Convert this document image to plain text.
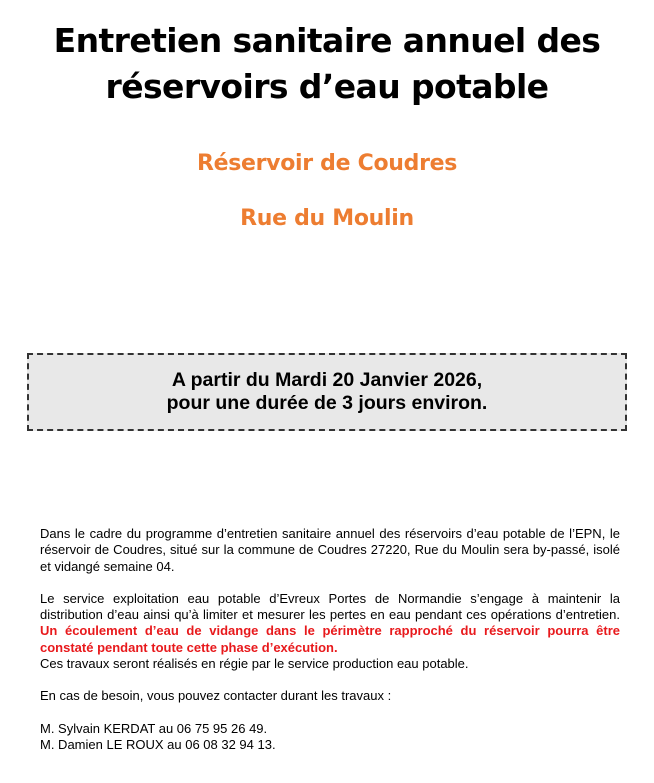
Entretien sanitaire annuel des
réservoirs d’eau potable
Réservoir de Coudres
Rue du Moulin
A partir du Mardi 20 Janvier 2026,
pour une durée de 3 jours environ.

Dans le cadre du programme d’entretien sanitaire annuel des réservoirs d’eau potable de l’EPN, le réservoir de Coudres, situé sur la commune de Coudres 27220, Rue du Moulin sera by-passé, isolé et vidangé semaine 04.

Le service exploitation eau potable d’Evreux Portes de Normandie s’engage à maintenir la distribution d’eau ainsi qu’à limiter et mesurer les pertes en eau pendant ces opérations d’entretien. Un écoulement d’eau de vidange dans le périmètre rapproché du réservoir pourra être constaté pendant toute cette phase d’exécution.

Ces travaux seront réalisés en régie par le service production eau potable.

En cas de besoin, vous pouvez contacter durant les travaux :

M. Sylvain KERDAT au 06 75 95 26 49.

M. Damien LE ROUX au 06 08 32 94 13.
